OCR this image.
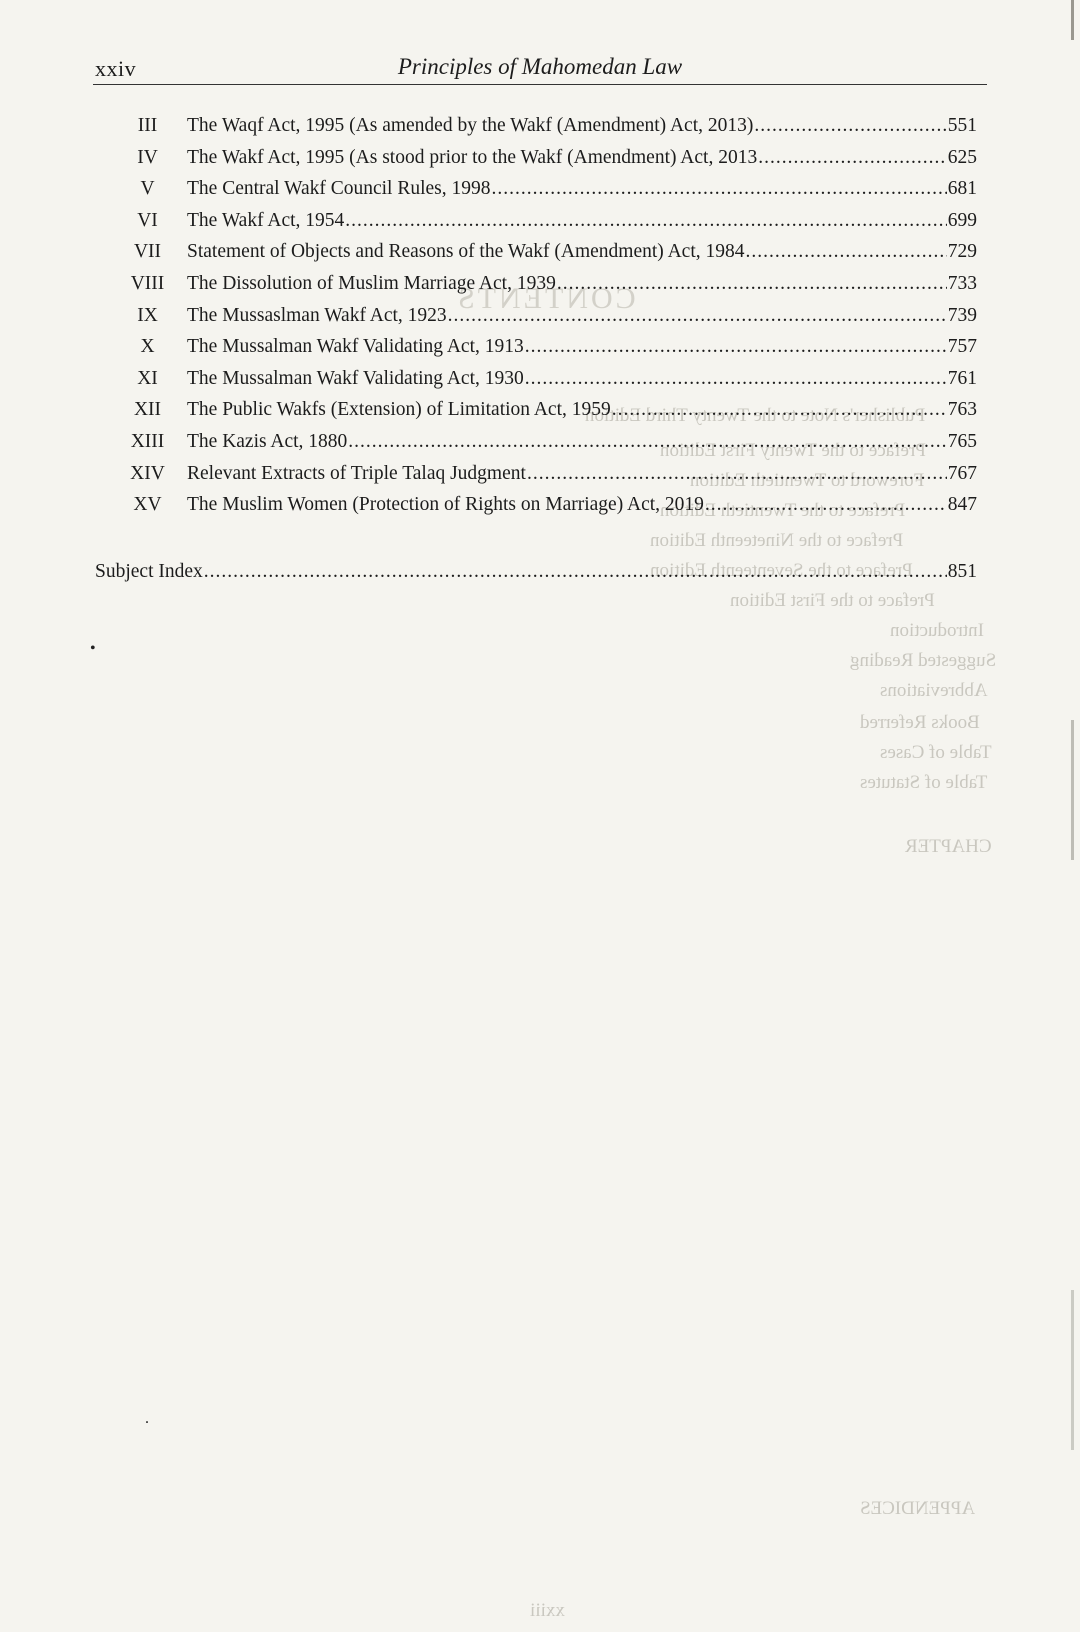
CONTENTS
Publisher's Note to the Twenty Third Edition
Preface to the Twenty First Edition
Foreword to Twentieth Edition
Preface to the Twentieth Edition
Preface to the Nineteenth Edition
Preface to the Seventeenth Edition
Preface to the First Edition
Introduction
Suggested Reading
Abbreviations
Books Referred
Table of Cases
Table of Statutes
CHAPTER
APPENDICES
xxiii
xxiv	Principles of Mahomedan Law
III	The Waqf Act, 1995 (As amended by the Wakf (Amendment) Act, 2013) .....	551
IV	The Wakf Act, 1995 (As stood prior to the Wakf (Amendment) Act, 2013 .....	625
V	The Central Wakf Council Rules, 1998 .....	681
VI	The Wakf Act, 1954 .....	699
VII	Statement of Objects and Reasons of the Wakf (Amendment) Act, 1984 .....	729
VIII	The Dissolution of Muslim Marriage Act, 1939 .....	733
IX	The Mussaslman Wakf Act, 1923 .....	739
X	The Mussalman Wakf Validating Act, 1913 .....	757
XI	The Mussalman Wakf Validating Act, 1930 .....	761
XII	The Public Wakfs (Extension) of Limitation Act, 1959 .....	763
XIII	The Kazis Act, 1880 .....	765
XIV	Relevant Extracts of Triple Talaq Judgment .....	767
XV	The Muslim Women (Protection of Rights on Marriage) Act, 2019 .....	847
Subject Index .....	851
•
.
